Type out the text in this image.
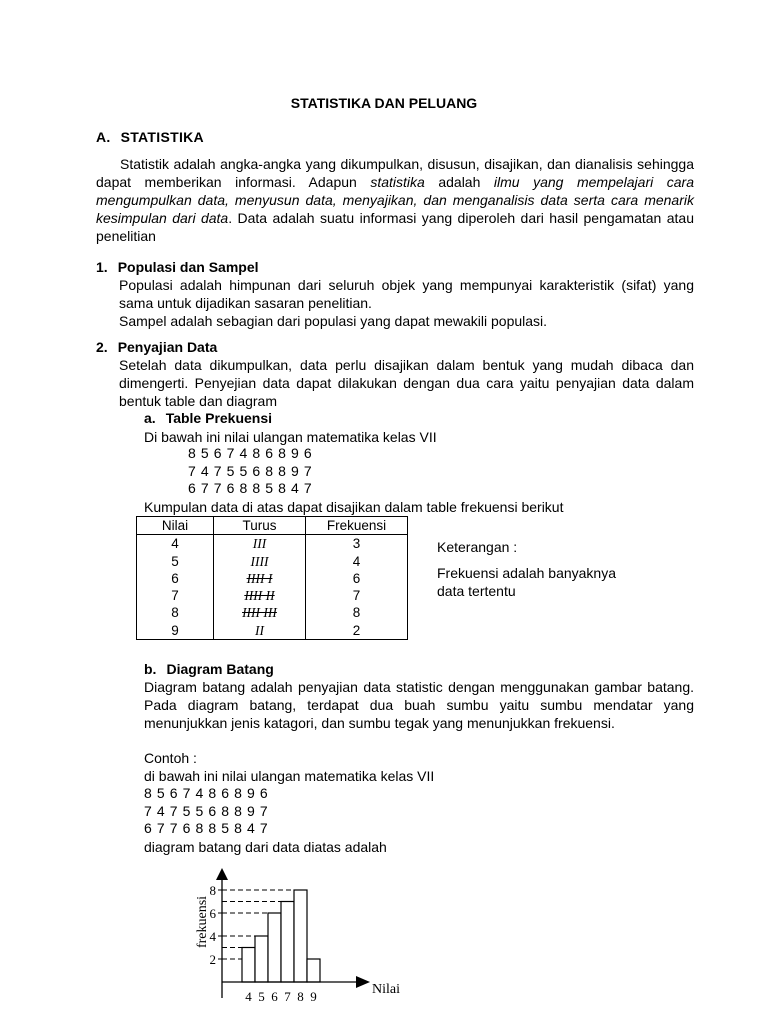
STATISTIKA DAN PELUANG
A. STATISTIKA

Statistik adalah angka-angka yang dikumpulkan, disusun, disajikan, dan dianalisis sehingga dapat memberikan informasi. Adapun statistika adalah ilmu yang mempelajari cara mengumpulkan data, menyusun data, menyajikan, dan menganalisis data serta cara menarik kesimpulan dari data. Data adalah suatu informasi yang diperoleh dari hasil pengamatan atau penelitian

1. Populasi dan Sampel
Populasi adalah himpunan dari seluruh objek yang mempunyai karakteristik (sifat) yang sama untuk dijadikan sasaran penelitian.
Sampel adalah sebagian dari populasi yang dapat mewakili populasi.
2. Penyajian Data
Setelah data dikumpulkan, data perlu disajikan dalam bentuk yang mudah dibaca dan dimengerti. Penyejian data dapat dilakukan dengan dua cara yaitu penyajian data dalam bentuk table dan diagram
a. Table Prekuensi
Di bawah ini nilai ulangan matematika kelas VII
8 5 6 7 4 8 6 8 9 6
7 4 7 5 5 6 8 8 9 7
6 7 7 6 8 8 5 8 4 7
Kumpulan data di atas dapat disajikan dalam table frekuensi berikut
Nilai	Turus	Frekuensi
4	III	3
5	IIII	4
6	IIII I	6
7	IIII II	7
8	IIII III	8
9	II	2
Keterangan :
Frekuensi adalah banyaknya
data tertentu
b. Diagram Batang
Diagram batang adalah penyajian data statistic dengan menggunakan gambar batang. Pada diagram batang, terdapat dua buah sumbu yaitu sumbu mendatar yang menunjukkan jenis katagori, dan sumbu tegak yang menunjukkan frekuensi.
Contoh :
di bawah ini nilai ulangan matematika kelas VII
8 5 6 7 4 8 6 8 9 6
7 4 7 5 5 6 8 8 9 7
6 7 7 6 8 8 5 8 4 7
diagram batang dari data diatas adalah
2
4
6
8
4 5 6 7 8 9
frekuensi
Nilai
